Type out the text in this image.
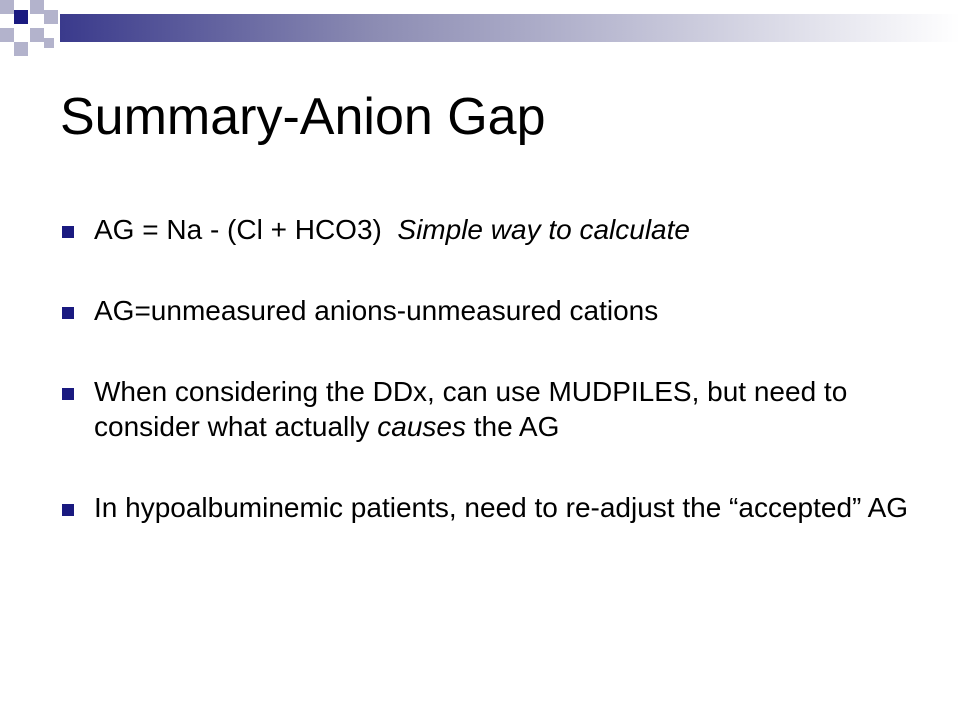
Summary-Anion Gap
AG = Na - (Cl + HCO3) Simple way to calculate
AG=unmeasured anions-unmeasured cations
When considering the DDx, can use MUDPILES, but need to consider what actually causes the AG
In hypoalbuminemic patients, need to re-adjust the “accepted” AG
